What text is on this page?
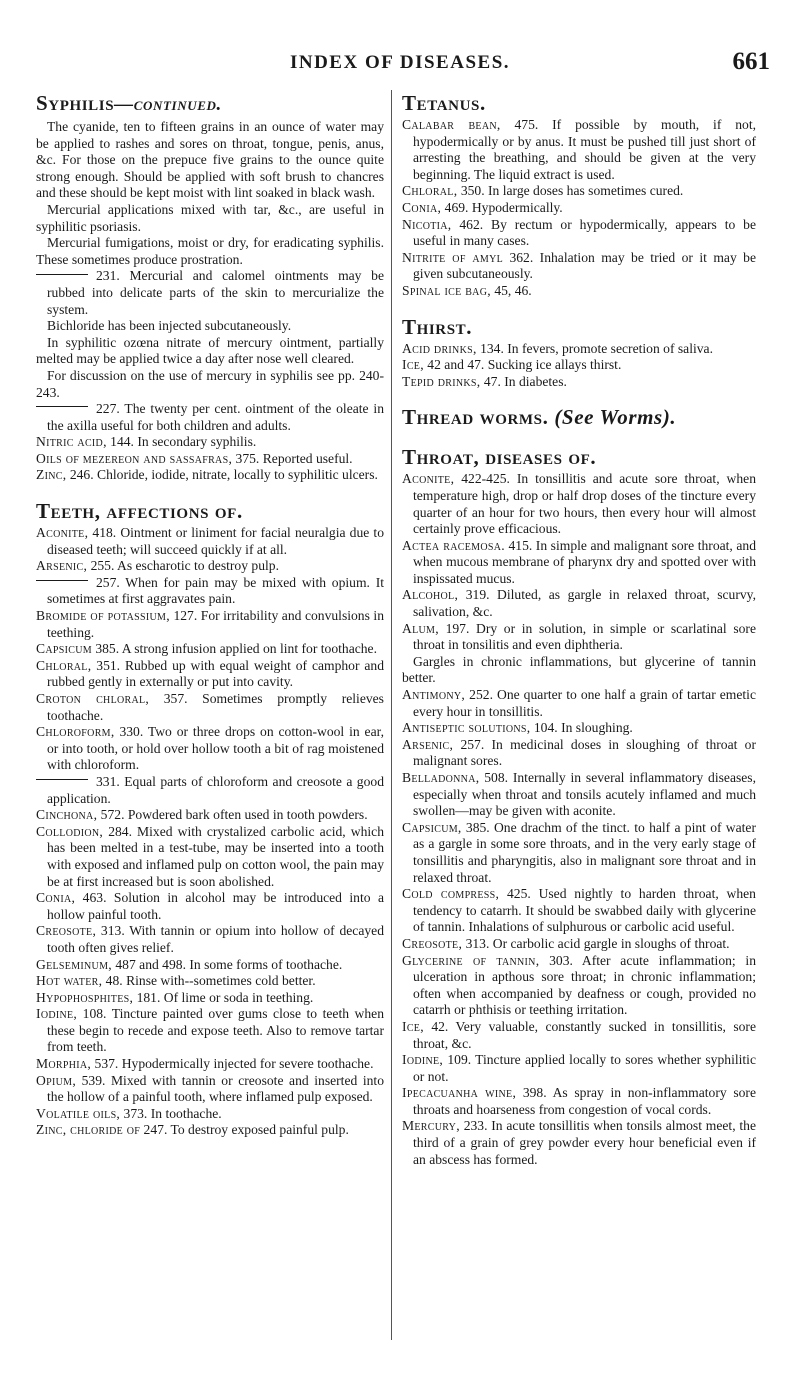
INDEX OF DISEASES.	661
Syphilis—continued.

The cyanide, ten to fifteen grains in an ounce of water may be applied to rashes and sores on throat, tongue, penis, anus, &c. For those on the prepuce five grains to the ounce quite strong enough. Should be applied with soft brush to chancres and these should be kept moist with lint soaked in black wash.

Mercurial applications mixed with tar, &c., are useful in syphilitic psoriasis.

Mercurial fumigations, moist or dry, for eradicating syphilis. These sometimes produce prostration.

231. Mercurial and calomel ointments may be rubbed into delicate parts of the skin to mercurialize the system.

Bichloride has been injected subcutaneously.

In syphilitic ozœna nitrate of mercury ointment, partially melted may be applied twice a day after nose well cleared.

For discussion on the use of mercury in syphilis see pp. 240-243.

227. The twenty per cent. ointment of the oleate in the axilla useful for both children and adults.

Nitric acid, 144. In secondary syphilis.

Oils of mezereon and sassafras, 375. Reported useful.

Zinc, 246. Chloride, iodide, nitrate, locally to syphilitic ulcers.

Teeth, affections of.

Aconite, 418. Ointment or liniment for facial neuralgia due to diseased teeth; will succeed quickly if at all.

Arsenic, 255. As escharotic to destroy pulp.

257. When for pain may be mixed with opium. It sometimes at first aggravates pain.

Bromide of potassium, 127. For irritability and convulsions in teething.

Capsicum 385. A strong infusion applied on lint for toothache.

Chloral, 351. Rubbed up with equal weight of camphor and rubbed gently in externally or put into cavity.

Croton chloral, 357. Sometimes promptly relieves toothache.

Chloroform, 330. Two or three drops on cotton-wool in ear, or into tooth, or hold over hollow tooth a bit of rag moistened with chloroform.

331. Equal parts of chloroform and creosote a good application.

Cinchona, 572. Powdered bark often used in tooth powders.

Collodion, 284. Mixed with crystalized carbolic acid, which has been melted in a test-tube, may be inserted into a tooth with exposed and inflamed pulp on cotton wool, the pain may be at first increased but is soon abolished.

Conia, 463. Solution in alcohol may be introduced into a hollow painful tooth.

Creosote, 313. With tannin or opium into hollow of decayed tooth often gives relief.

Gelseminum, 487 and 498. In some forms of toothache.

Hot water, 48. Rinse with--sometimes cold better.

Hypophosphites, 181. Of lime or soda in teething.

Iodine, 108. Tincture painted over gums close to teeth when these begin to recede and expose teeth. Also to remove tartar from teeth.

Morphia, 537. Hypodermically injected for severe toothache.

Opium, 539. Mixed with tannin or creosote and inserted into the hollow of a painful tooth, where inflamed pulp exposed.

Volatile oils, 373. In toothache.

Zinc, chloride of 247. To destroy exposed painful pulp.

Tetanus.

Calabar bean, 475. If possible by mouth, if not, hypodermically or by anus. It must be pushed till just short of arresting the breathing, and should be given at the very beginning. The liquid extract is used.

Chloral, 350. In large doses has sometimes cured.

Conia, 469. Hypodermically.

Nicotia, 462. By rectum or hypodermically, appears to be useful in many cases.

Nitrite of amyl 362. Inhalation may be tried or it may be given subcutaneously.

Spinal ice bag, 45, 46.

Thirst.

Acid drinks, 134. In fevers, promote secretion of saliva.

Ice, 42 and 47. Sucking ice allays thirst.

Tepid drinks, 47. In diabetes.

Thread worms. (See Worms).
Throat, diseases of.

Aconite, 422-425. In tonsillitis and acute sore throat, when temperature high, drop or half drop doses of the tincture every quarter of an hour for two hours, then every hour will almost certainly prove efficacious.

Actea racemosa. 415. In simple and malignant sore throat, and when mucous membrane of pharynx dry and spotted over with inspissated mucus.

Alcohol, 319. Diluted, as gargle in relaxed throat, scurvy, salivation, &c.

Alum, 197. Dry or in solution, in simple or scarlatinal sore throat in tonsilitis and even diphtheria.

Gargles in chronic inflammations, but glycerine of tannin better.

Antimony, 252. One quarter to one half a grain of tartar emetic every hour in tonsillitis.

Antiseptic solutions, 104. In sloughing.

Arsenic, 257. In medicinal doses in sloughing of throat or malignant sores.

Belladonna, 508. Internally in several inflammatory diseases, especially when throat and tonsils acutely inflamed and much swollen—may be given with aconite.

Capsicum, 385. One drachm of the tinct. to half a pint of water as a gargle in some sore throats, and in the very early stage of tonsillitis and pharyngitis, also in malignant sore throat and in relaxed throat.

Cold compress, 425. Used nightly to harden throat, when tendency to catarrh. It should be swabbed daily with glycerine of tannin. Inhalations of sulphurous or carbolic acid useful.

Creosote, 313. Or carbolic acid gargle in sloughs of throat.

Glycerine of tannin, 303. After acute inflammation; in ulceration in apthous sore throat; in chronic inflammation; often when accompanied by deafness or cough, provided no catarrh or phthisis or teething irritation.

Ice, 42. Very valuable, constantly sucked in tonsillitis, sore throat, &c.

Iodine, 109. Tincture applied locally to sores whether syphilitic or not.

Ipecacuanha wine, 398. As spray in non-inflammatory sore throats and hoarseness from congestion of vocal cords.

Mercury, 233. In acute tonsillitis when tonsils almost meet, the third of a grain of grey powder every hour beneficial even if an abscess has formed.
